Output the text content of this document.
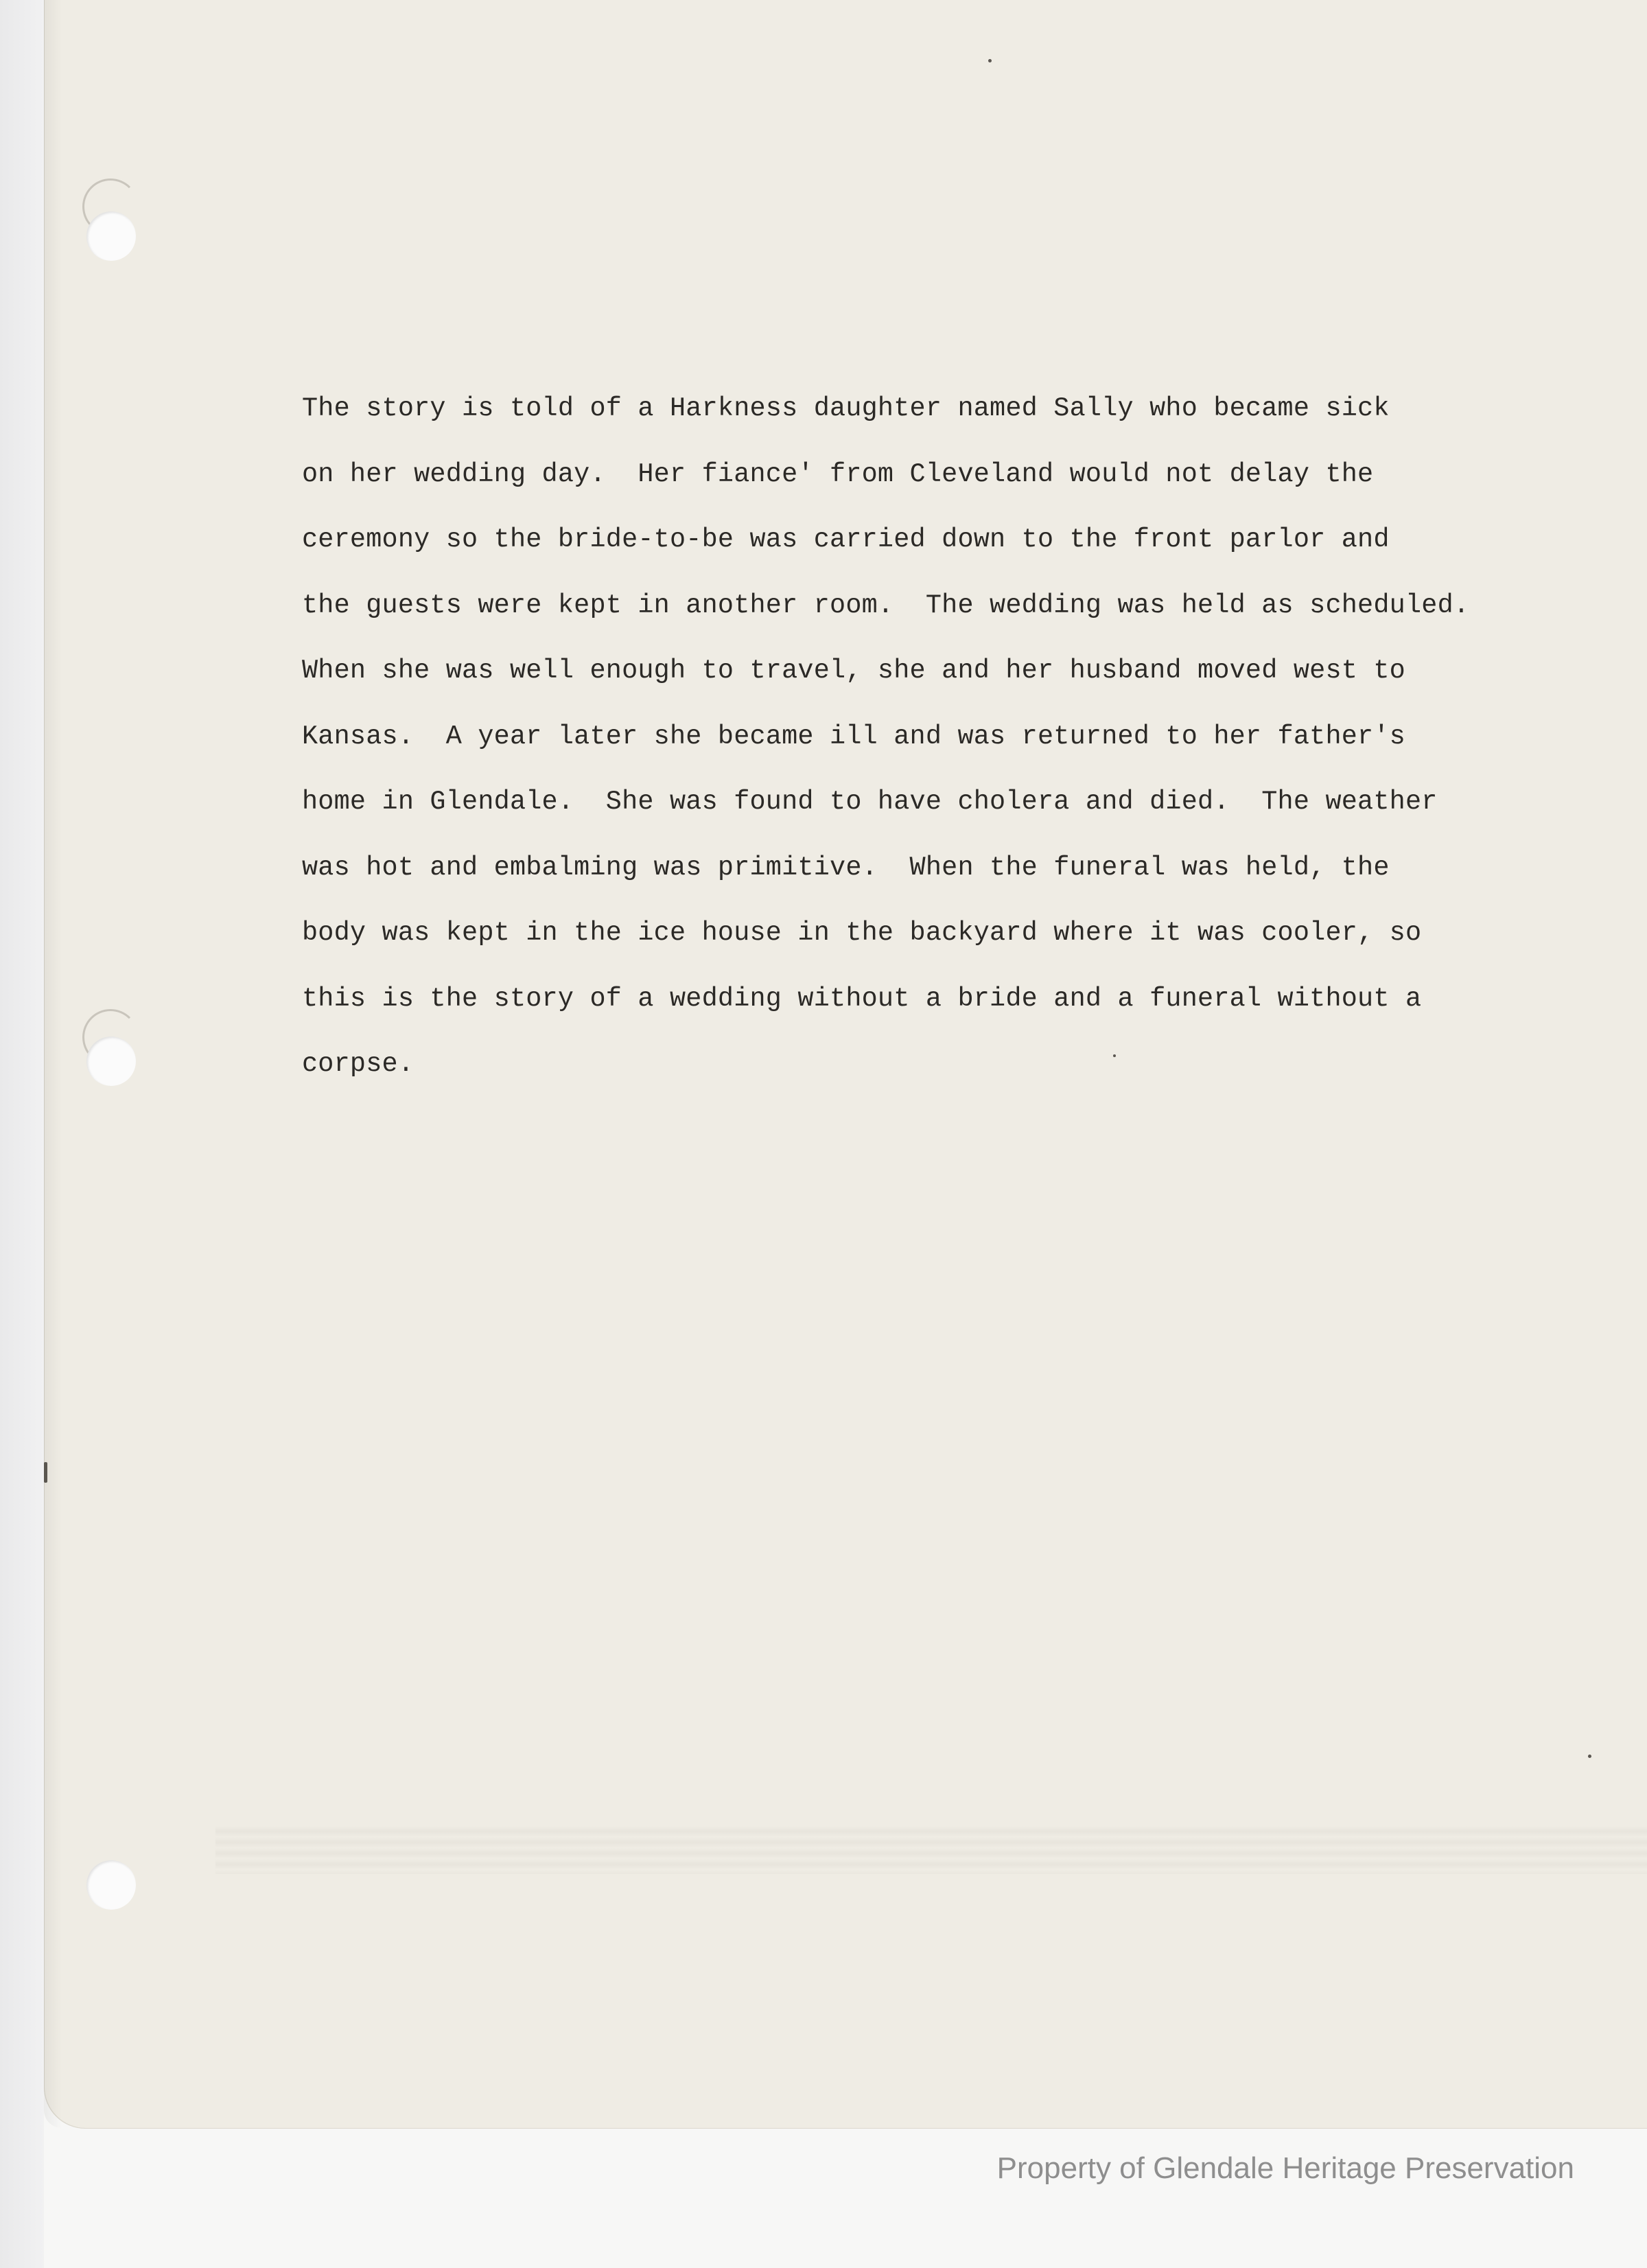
The story is told of a Harkness daughter named Sally who became sick
on her wedding day.  Her fiance' from Cleveland would not delay the
ceremony so the bride-to-be was carried down to the front parlor and
the guests were kept in another room.  The wedding was held as scheduled.
When she was well enough to travel, she and her husband moved west to
Kansas.  A year later she became ill and was returned to her father's
home in Glendale.  She was found to have cholera and died.  The weather
was hot and embalming was primitive.  When the funeral was held, the
body was kept in the ice house in the backyard where it was cooler, so
this is the story of a wedding without a bride and a funeral without a
corpse.
Property of Glendale Heritage Preservation
